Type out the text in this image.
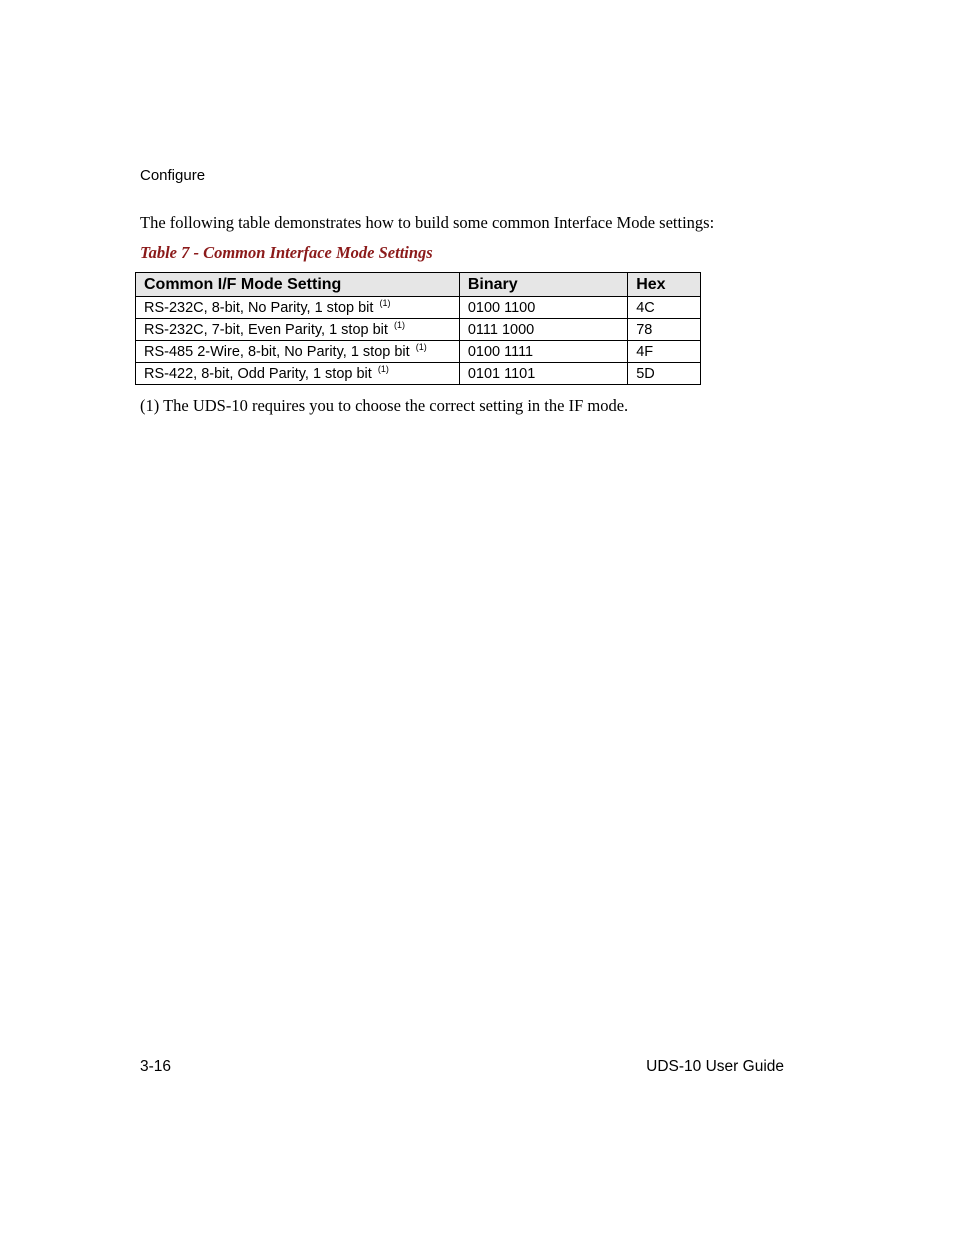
Configure
The following table demonstrates how to build some common Interface Mode settings:
Table 7 - Common Interface Mode Settings
Common I/F Mode Setting	Binary	Hex
RS-232C, 8-bit, No Parity, 1 stop bit $^{(1)}$	0100 1100	4C
RS-232C, 7-bit, Even Parity, 1 stop bit $^{(1)}$	0111 1000	78
RS-485 2-Wire, 8-bit, No Parity, 1 stop bit $^{(1)}$	0100 1111	4F
RS-422, 8-bit, Odd Parity, 1 stop bit $^{(1)}$	0101 1101	5D
(1) The UDS-10 requires you to choose the correct setting in the IF mode.
3-16	UDS-10 User Guide
